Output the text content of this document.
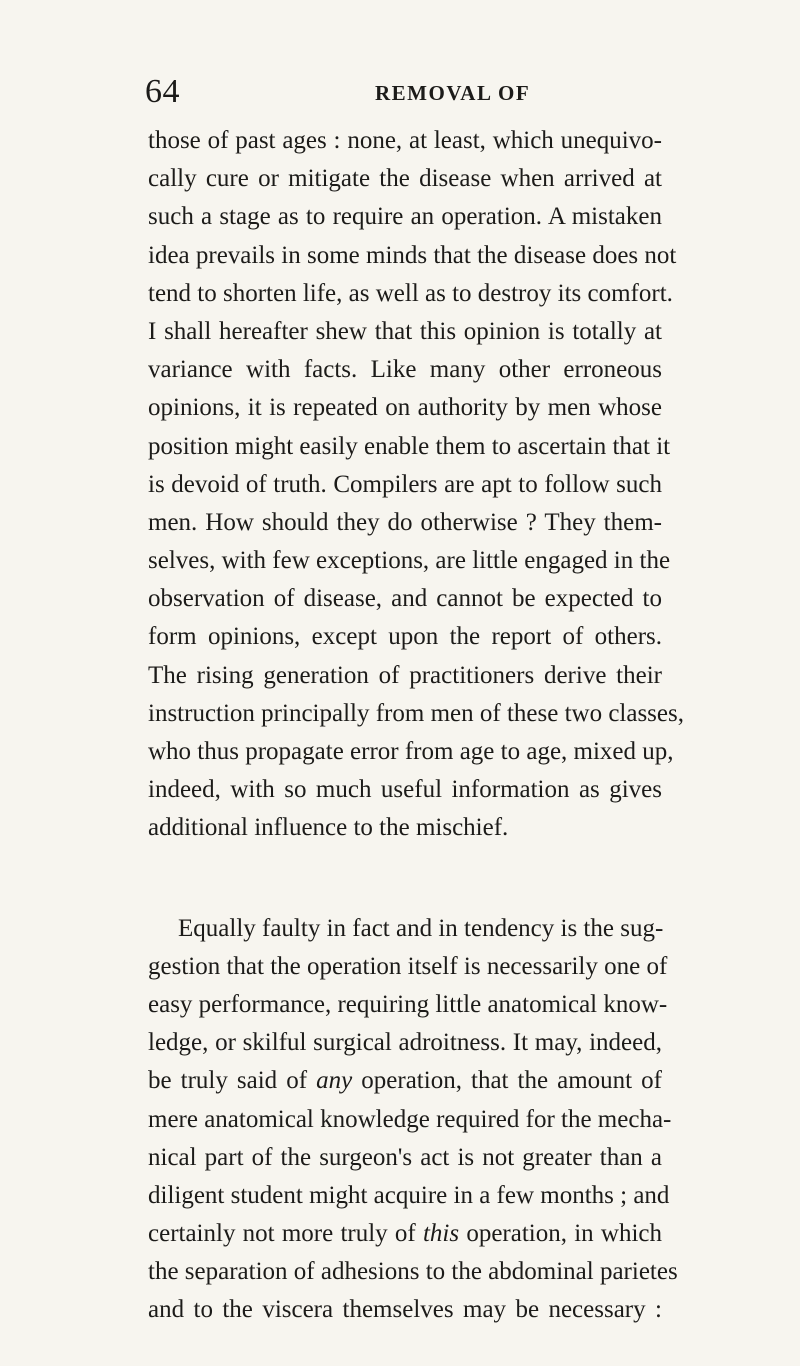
64	REMOVAL OF
those of past ages : none, at least, which unequivo-
cally cure or mitigate the disease when arrived at
such a stage as to require an operation. A mistaken
idea prevails in some minds that the disease does not
tend to shorten life, as well as to destroy its comfort.
I shall hereafter shew that this opinion is totally at
variance with facts. Like many other erroneous
opinions, it is repeated on authority by men whose
position might easily enable them to ascertain that it
is devoid of truth. Compilers are apt to follow such
men. How should they do otherwise ? They them-
selves, with few exceptions, are little engaged in the
observation of disease, and cannot be expected to
form opinions, except upon the report of others.
The rising generation of practitioners derive their
instruction principally from men of these two classes,
who thus propagate error from age to age, mixed up,
indeed, with so much useful information as gives
additional influence to the mischief.
Equally faulty in fact and in tendency is the sug-
gestion that the operation itself is necessarily one of
easy performance, requiring little anatomical know-
ledge, or skilful surgical adroitness. It may, indeed,
be truly said of any operation, that the amount of
mere anatomical knowledge required for the mecha-
nical part of the surgeon's act is not greater than a
diligent student might acquire in a few months ; and
certainly not more truly of this operation, in which
the separation of adhesions to the abdominal parietes
and to the viscera themselves may be necessary :
